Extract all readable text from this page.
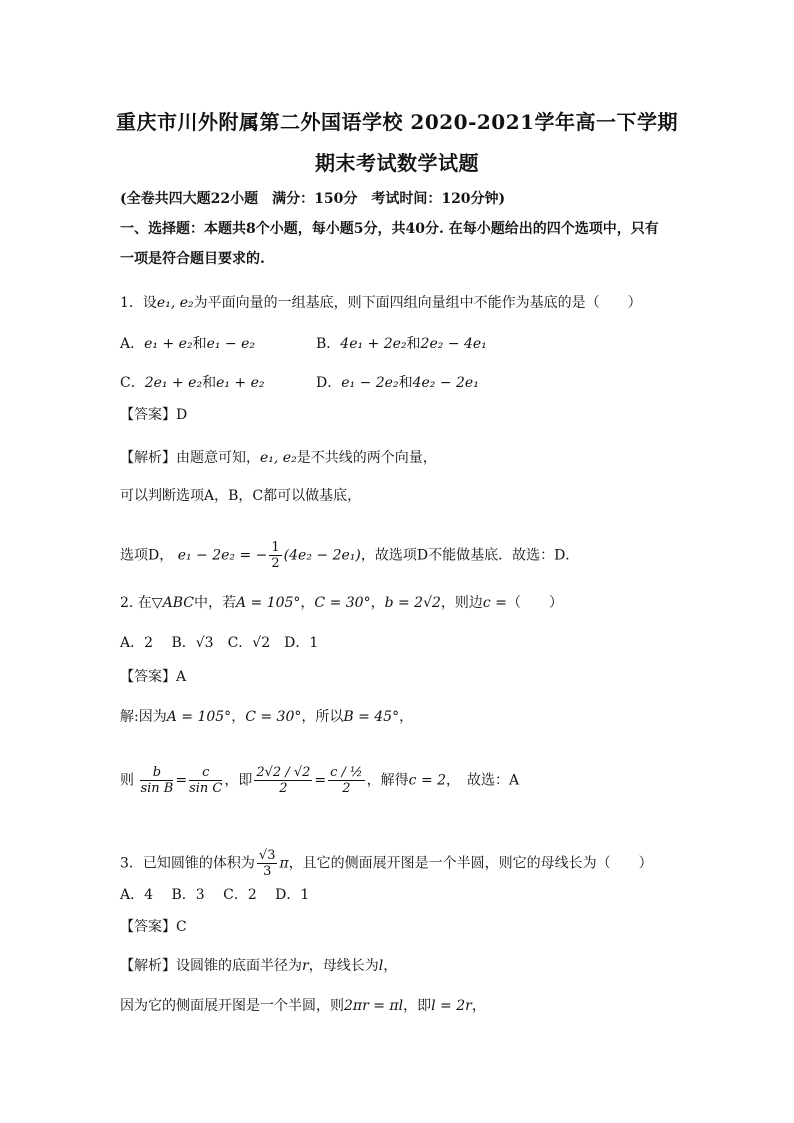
重庆市川外附属第二外国语学校 2020-2021学年高一下学期
期末考试数学试题
(全卷共四大题22小题　满分：150分　考试时间：120分钟)
一、选择题：本题共8个小题，每小题5分，共40分. 在每小题给出的四个选项中，只有
一项是符合题目要求的.
1．设e₁, e₂为平面向量的一组基底，则下面四组向量组中不能作为基底的是（　　）
A．e₁ + e₂和e₁ − e₂	B．4e₁ + 2e₂和2e₂ − 4e₁
C．2e₁ + e₂和e₁ + e₂	D．e₁ − 2e₂和4e₂ − 2e₁
【答案】D
【解析】由题意可知，e₁, e₂是不共线的两个向量，
可以判断选项A，B，C都可以做基底，
选项D， e₁ − 2e₂ = − $\frac{1}{2} (4e_2 - 2e_1)$，故选项D不能做基底．故选：D．
2. 在▽ABC中，若A = 105°，C = 30°，b = 2√2，则边c =（　　）
A．2　 B．√3　C．√2　D．1
【答案】A
解:因为A = 105°，C = 30°，所以B = 45°，
则 $\frac{b}{\text{sin B}} = \frac{c}{\text{sin C}}$ ，即 $\frac{2√2 / √2}{2} = \frac{\text{c / ½}}{2}$ ，解得c = 2，　故选：A
3．已知圆锥的体积为 $\frac{√3}{3}$ π，且它的侧面展开图是一个半圆，则它的母线长为（　　）
A．4　 B．3　 C．2　 D．1
【答案】C
【解析】设圆锥的底面半径为r，母线长为l，
因为它的侧面展开图是一个半圆，则2πr = πl，即l = 2r，
